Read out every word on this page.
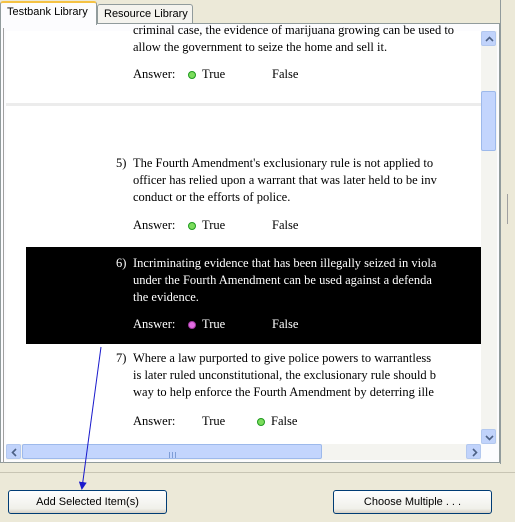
Testbank Library	Resource Library
criminal case, the evidence of marijuana growing can be used to
allow the government to seize the home and sell it.
Answer:	True	False
5) The Fourth Amendment's exclusionary rule is not applied to
officer has relied upon a warrant that was later held to be inv
conduct or the efforts of police.
Answer:	True	False
6) Incriminating evidence that has been illegally seized in viola
under the Fourth Amendment can be used against a defenda
the evidence.
Answer:	True	False
7) Where a law purported to give police powers to warrantless
is later ruled unconstitutional, the exclusionary rule should b
way to help enforce the Fourth Amendment by deterring ille
Answer: True	False
Add Selected Item(s)	Choose Multiple . . .
